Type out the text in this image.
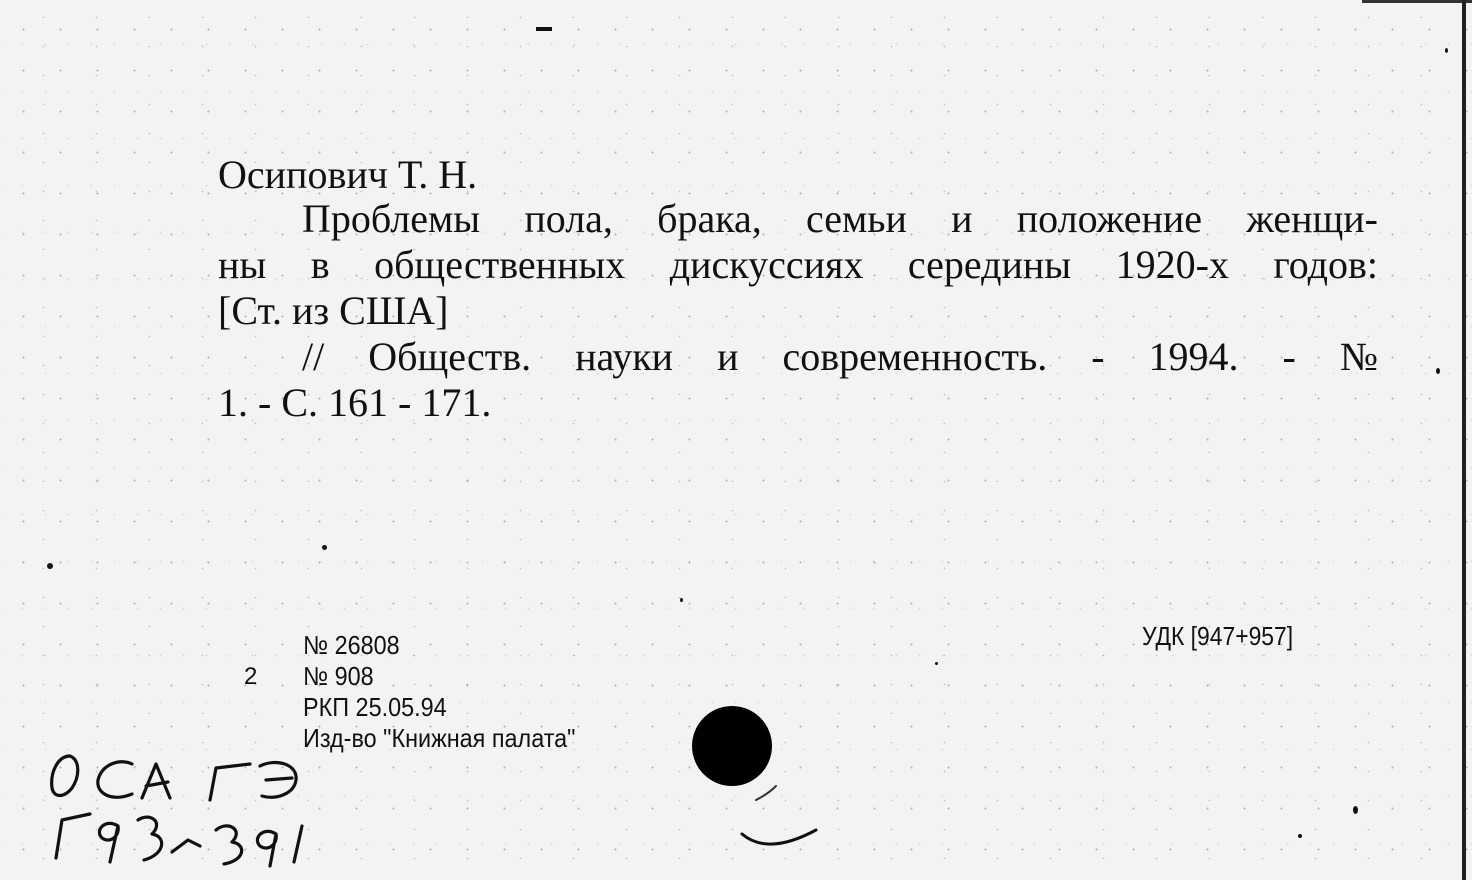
Осипович Т. Н.
Проблемы пола, брака, семьи и положение женщи-
ны в общественных дискуссиях середины 1920-х годов:
[Ст. из США]
// Обществ. науки и современность. - 1994. - №
1. - С. 161 - 171.
2
№ 26808
№ 908
РКП 25.05.94
Изд-во "Книжная палата"
УДК [947+957]
